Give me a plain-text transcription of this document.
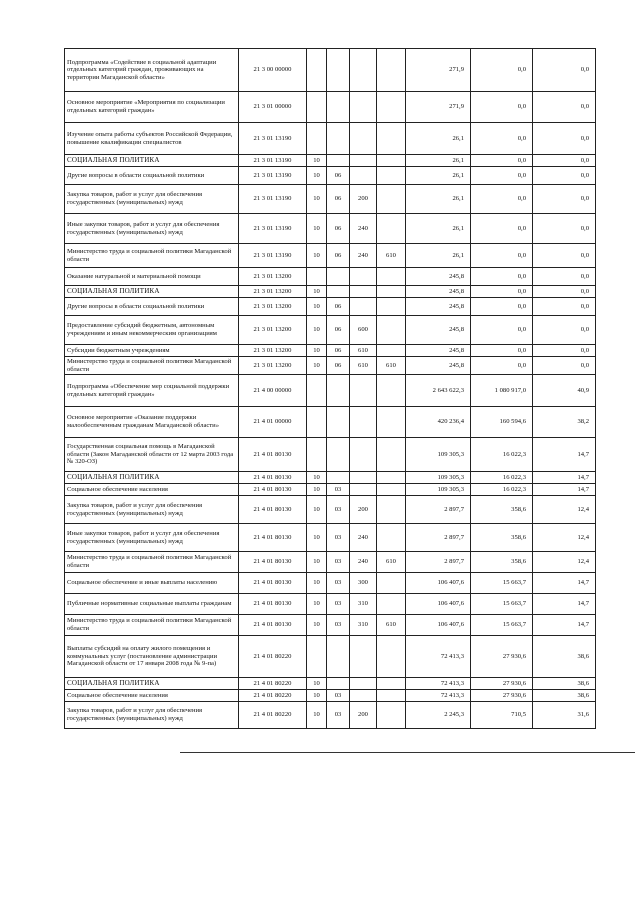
Подпрограмма «Содействие в социальной адаптации отдельных категорий граждан, проживающих на территории Магаданской области»	21 3 00 00000					271,9	0,0	0,0
Основное мероприятие «Мероприятия по социализации отдельных категорий граждан»	21 3 01 00000					271,9	0,0	0,0
Изучение опыта работы субъектов Российской Федерации, повышение квалификации специалистов	21 3 01 13190					26,1	0,0	0,0
СОЦИАЛЬНАЯ ПОЛИТИКА	21 3 01 13190	10				26,1	0,0	0,0
Другие вопросы в области социальной политики	21 3 01 13190	10	06			26,1	0,0	0,0
Закупка товаров, работ и услуг для обеспечения государственных (муниципальных) нужд	21 3 01 13190	10	06	200		26,1	0,0	0,0
Иные закупки товаров, работ и услуг для обеспечения государственных (муниципальных) нужд	21 3 01 13190	10	06	240		26,1	0,0	0,0
Министерство труда и социальной политики Магаданской области	21 3 01 13190	10	06	240	610	26,1	0,0	0,0
Оказание натуральной и материальной помощи	21 3 01 13200					245,8	0,0	0,0
СОЦИАЛЬНАЯ ПОЛИТИКА	21 3 01 13200	10				245,8	0,0	0,0
Другие вопросы в области социальной политики	21 3 01 13200	10	06			245,8	0,0	0,0
Предоставление субсидий бюджетным, автономным учреждениям и иным некоммерческим организациям	21 3 01 13200	10	06	600		245,8	0,0	0,0
Субсидии бюджетным учреждениям	21 3 01 13200	10	06	610		245,8	0,0	0,0
Министерство труда и социальной политики Магаданской области	21 3 01 13200	10	06	610	610	245,8	0,0	0,0
Подпрограмма «Обеспечение мер социальной поддержки отдельных категорий граждан»	21 4 00 00000					2 643 622,3	1 080 917,0	40,9
Основное мероприятие «Оказание поддержки малообеспеченным гражданам Магаданской области»	21 4 01 00000					420 236,4	160 594,6	38,2
Государственная социальная помощь в Магаданской области (Закон Магаданской области от 12 марта 2003 года № 320-ОЗ)	21 4 01 80130					109 305,3	16 022,3	14,7
СОЦИАЛЬНАЯ ПОЛИТИКА	21 4 01 80130	10				109 305,3	16 022,3	14,7
Социальное обеспечение населения	21 4 01 80130	10	03			109 305,3	16 022,3	14,7
Закупка товаров, работ и услуг для обеспечения государственных (муниципальных) нужд	21 4 01 80130	10	03	200		2 897,7	358,6	12,4
Иные закупки товаров, работ и услуг для обеспечения государственных (муниципальных) нужд	21 4 01 80130	10	03	240		2 897,7	358,6	12,4
Министерство труда и социальной политики Магаданской области	21 4 01 80130	10	03	240	610	2 897,7	358,6	12,4
Социальное обеспечение и иные выплаты населению	21 4 01 80130	10	03	300		106 407,6	15 663,7	14,7
Публичные нормативные социальные выплаты гражданам	21 4 01 80130	10	03	310		106 407,6	15 663,7	14,7
Министерство труда и социальной политики Магаданской области	21 4 01 80130	10	03	310	610	106 407,6	15 663,7	14,7
Выплаты субсидий на оплату жилого помещения и коммунальных услуг (постановление администрации Магаданской области от 17 января 2008 года № 9-па)	21 4 01 80220					72 413,3	27 930,6	38,6
СОЦИАЛЬНАЯ ПОЛИТИКА	21 4 01 80220	10				72 413,3	27 930,6	38,6
Социальное обеспечение населения	21 4 01 80220	10	03			72 413,3	27 930,6	38,6
Закупка товаров, работ и услуг для обеспечения государственных (муниципальных) нужд	21 4 01 80220	10	03	200		2 245,3	710,5	31,6
